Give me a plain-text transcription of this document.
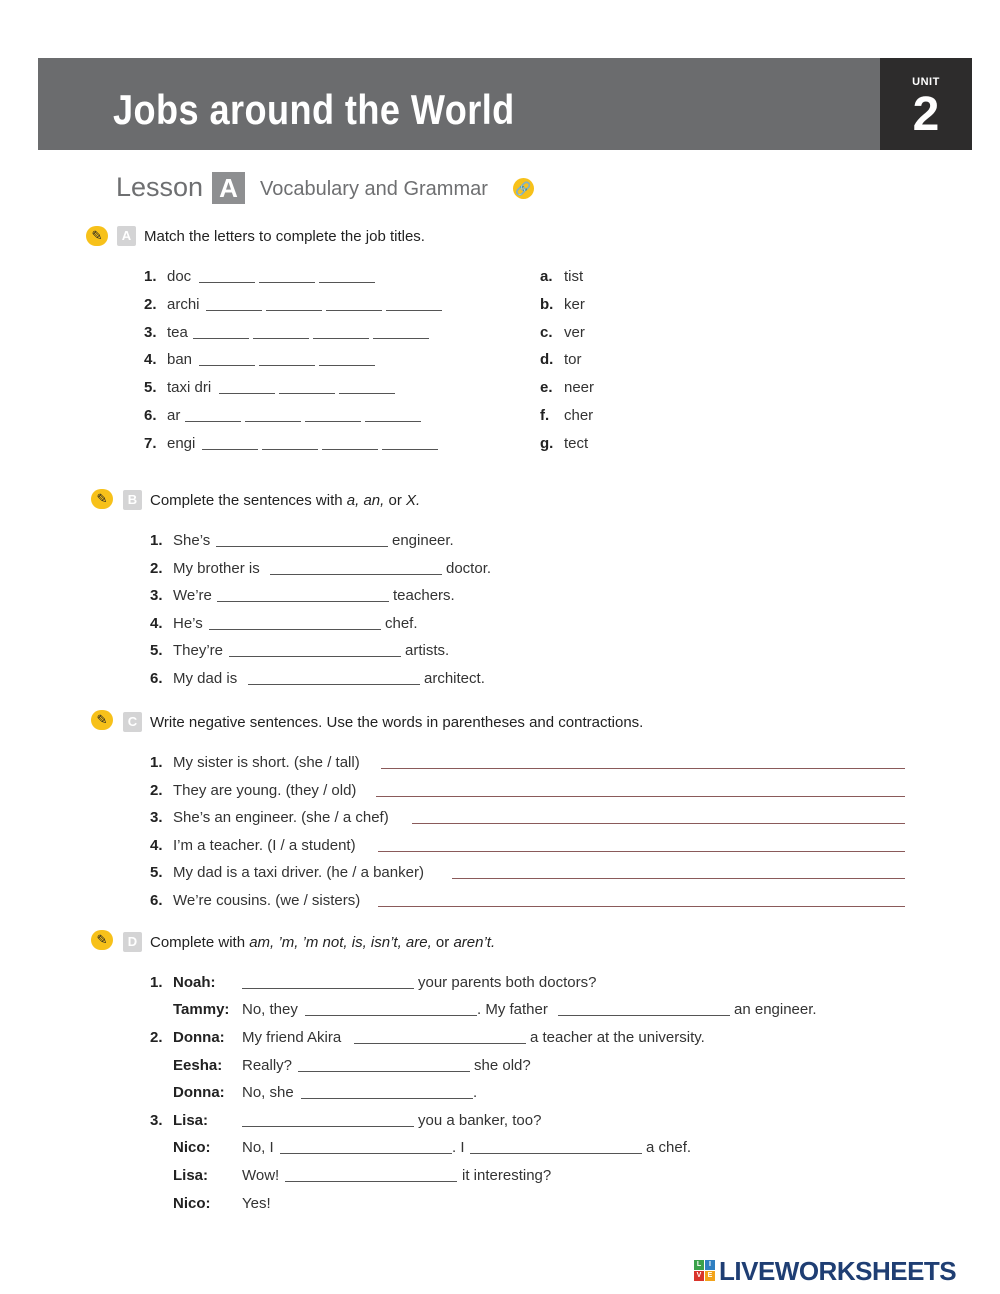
Jobs around the World
UNIT
2
Lesson A	Vocabulary and Grammar 🔗
✎	A Match the letters to complete the job titles.
1. doc
2. archi
3. tea
4. ban
5. taxi dri
6. ar
7. engi
a. tist
b. ker
c. ver
d. tor
e. neer
f. cher
g. tect
✎	B Complete the sentences with a, an, or X.
1. She’s	engineer.
2. My brother is	doctor.
3. We’re	teachers.
4. He’s	chef.
5. They’re	artists.
6. My dad is	architect.
✎	C Write negative sentences. Use the words in parentheses and contractions.
1. My sister is short. (she / tall)
2. They are young. (they / old)
3. She’s an engineer. (she / a chef)
4. I’m a teacher. (I / a student)
5. My dad is a taxi driver. (he / a banker)
6. We’re cousins. (we / sisters)
✎	D Complete with am, ’m, ’m not, is, isn’t, are, or aren’t.
1. Noah:	your parents both doctors?
Tammy: No, they	. My father	an engineer.
2. Donna: My friend Akira	a teacher at the university.
Eesha: Really?	she old?
Donna: No, she	.
3. Lisa:	you a banker, too?
Nico: No, I	. I	a chef.
Lisa: Wow!	it interesting?
Nico: Yes!
L	I
V E LIVEWORKSHEETS
